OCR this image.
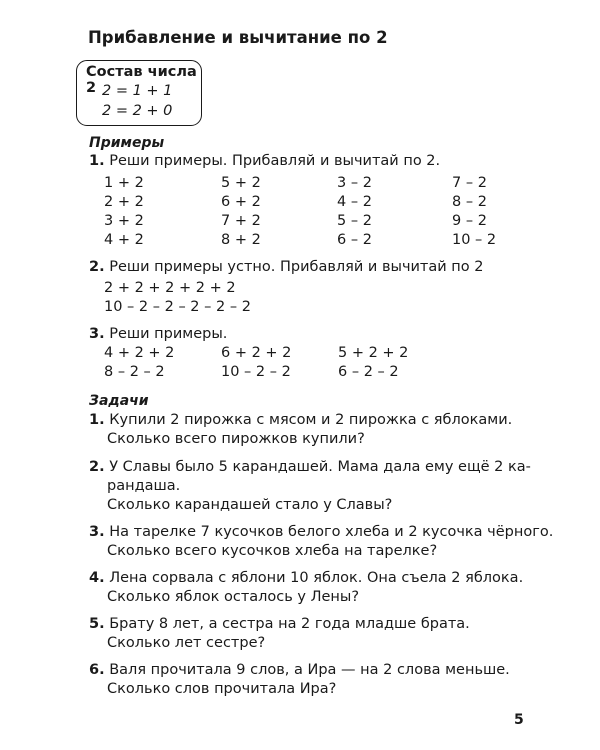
Прибавление и вычитание по 2
Состав числа 2 2 = 1 + 1
2 = 2 + 0
Примеры
1. Реши примеры. Прибавляй и вычитай по 2.
1 + 2
2 + 2
3 + 2
4 + 2
5 + 2
6 + 2
7 + 2
8 + 2
3 – 2
4 – 2
5 – 2
6 – 2
7 – 2
8 – 2
9 – 2
10 – 2
2. Реши примеры устно. Прибавляй и вычитай по 2
2 + 2 + 2 + 2 + 2
10 – 2 – 2 – 2 – 2 – 2
3. Реши примеры.
4 + 2 + 2
8 – 2 – 2
6 + 2 + 2
10 – 2 – 2
5 + 2 + 2
6 – 2 – 2
Задачи
1. Купили 2 пирожка с мясом и 2 пирожка с яблоками.
Сколько всего пирожков купили?
2. У Славы было 5 карандашей. Мама дала ему ещё 2 ка-
рандаша.
Сколько карандашей стало у Славы?
3. На тарелке 7 кусочков белого хлеба и 2 кусочка чёрного.
Сколько всего кусочков хлеба на тарелке?
4. Лена сорвала с яблони 10 яблок. Она съела 2 яблока.
Сколько яблок осталось у Лены?
5. Брату 8 лет, а сестра на 2 года младше брата.
Сколько лет сестре?
6. Валя прочитала 9 слов, а Ира — на 2 слова меньше.
Сколько слов прочитала Ира?
5
